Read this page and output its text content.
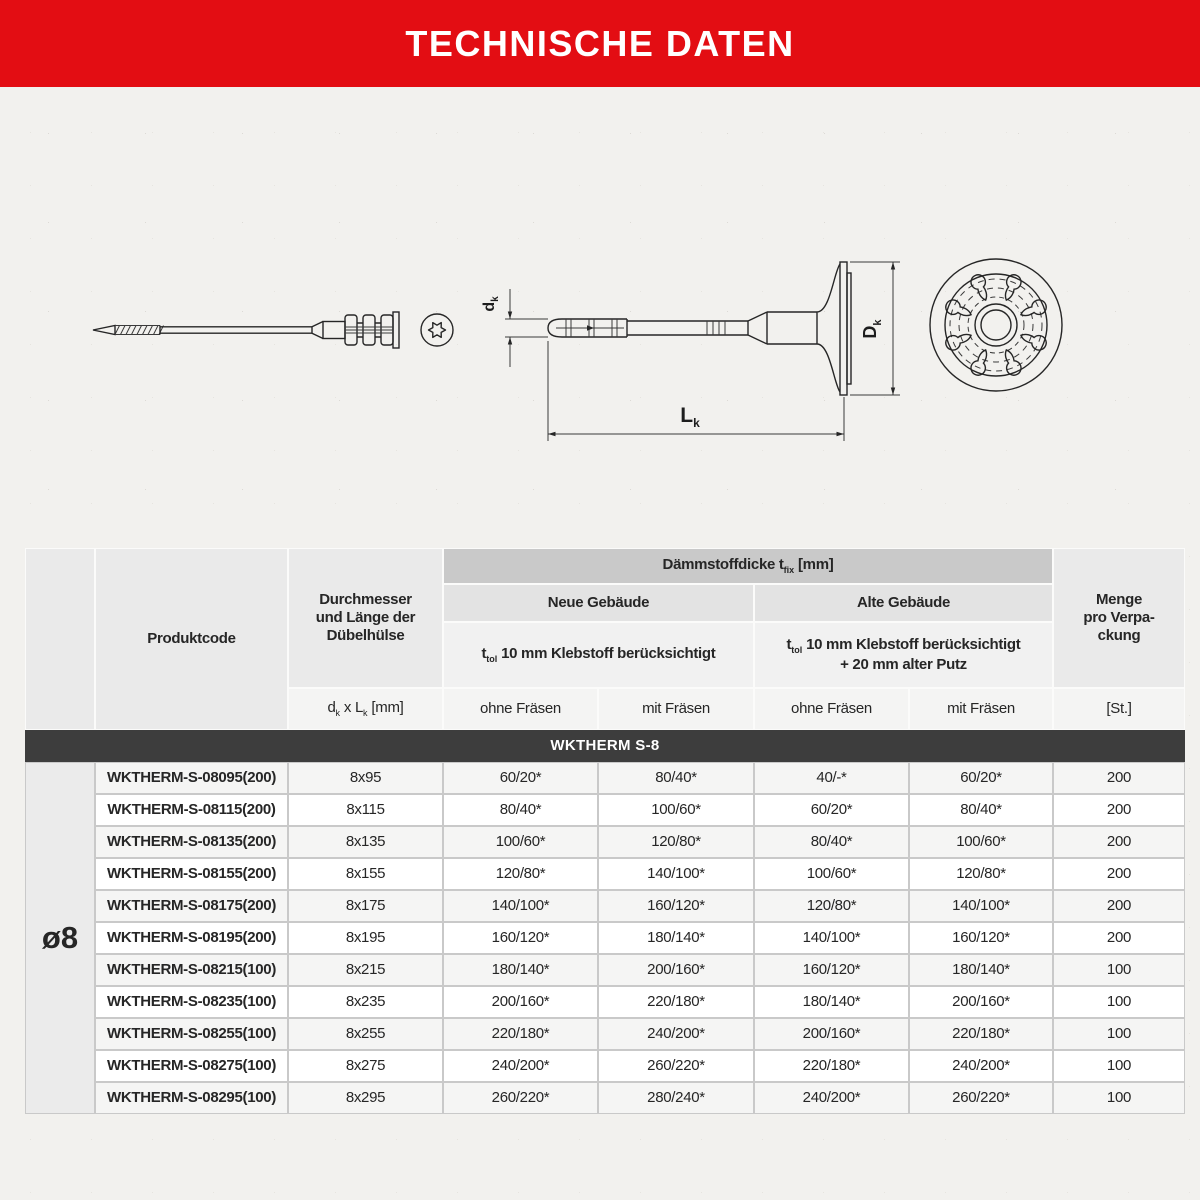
TECHNISCHE DATEN
$d_k$
$D_k$
$L_k$
Produktcode
Durchmesser
und Länge der
Dübelhülse
Dämmstoffdicke $t_{fix}$ [mm]
Neue Gebäude	Alte Gebäude
$t_{tol}$ 10 mm Klebstoff berücksichtigt
$t_{tol}$ 10 mm Klebstoff berücksichtigt
+ 20 mm alter Putz
Menge
pro Verpa-
ckung
$d_k$ x $L_k$ [mm]	ohne Fräsen	mit Fräsen	ohne Fräsen	mit Fräsen	[St.]
WKTHERM S-8
ø8
WKTHERM-S-08095(200)	8x95	60/20*	80/40*	40/-*	60/20*	200
WKTHERM-S-08115(200)	8x115	80/40*	100/60*	60/20*	80/40*	200
WKTHERM-S-08135(200)	8x135	100/60*	120/80*	80/40*	100/60*	200
WKTHERM-S-08155(200)	8x155	120/80*	140/100*	100/60*	120/80*	200
WKTHERM-S-08175(200)	8x175	140/100*	160/120*	120/80*	140/100*	200
WKTHERM-S-08195(200)	8x195	160/120*	180/140*	140/100*	160/120*	200
WKTHERM-S-08215(100)	8x215	180/140*	200/160*	160/120*	180/140*	100
WKTHERM-S-08235(100)	8x235	200/160*	220/180*	180/140*	200/160*	100
WKTHERM-S-08255(100)	8x255	220/180*	240/200*	200/160*	220/180*	100
WKTHERM-S-08275(100)	8x275	240/200*	260/220*	220/180*	240/200*	100
WKTHERM-S-08295(100)	8x295	260/220*	280/240*	240/200*	260/220*	100
